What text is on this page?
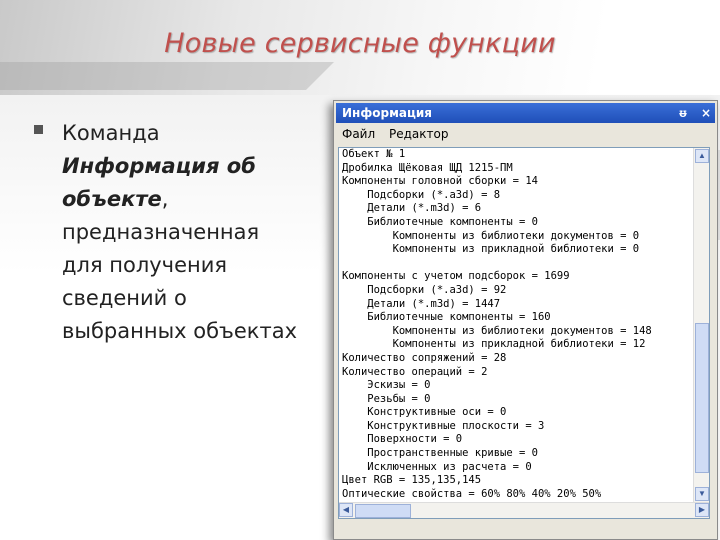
Новые сервисные функции
Команда
Информация об
объекте,
предназначенная
для получения
сведений о
выбранных объектах
Информация	ᵿ ×
Файл Редактор
Объект № 1
Дробилка Щёковая ЩД 1215-ПМ
Компоненты головной сборки = 14
Подсборки (*.a3d) = 8
Детали (*.m3d) = 6
Библиотечные компоненты = 0
Компоненты из библиотеки документов = 0
Компоненты из прикладной библиотеки = 0
Компоненты с учетом подсборок = 1699
Подсборки (*.a3d) = 92
Детали (*.m3d) = 1447
Библиотечные компоненты = 160
Компоненты из библиотеки документов = 148
Компоненты из прикладной библиотеки = 12
Количество сопряжений = 28
Количество операций = 2
Эскизы = 0
Резьбы = 0
Конструктивные оси = 0
Конструктивные плоскости = 3
Поверхности = 0
Пространственные кривые = 0
Исключенных из расчета = 0
Цвет RGB = 135,135,145
Оптические свойства = 60% 80% 40% 20% 50%
▲
▼
◀	▶
